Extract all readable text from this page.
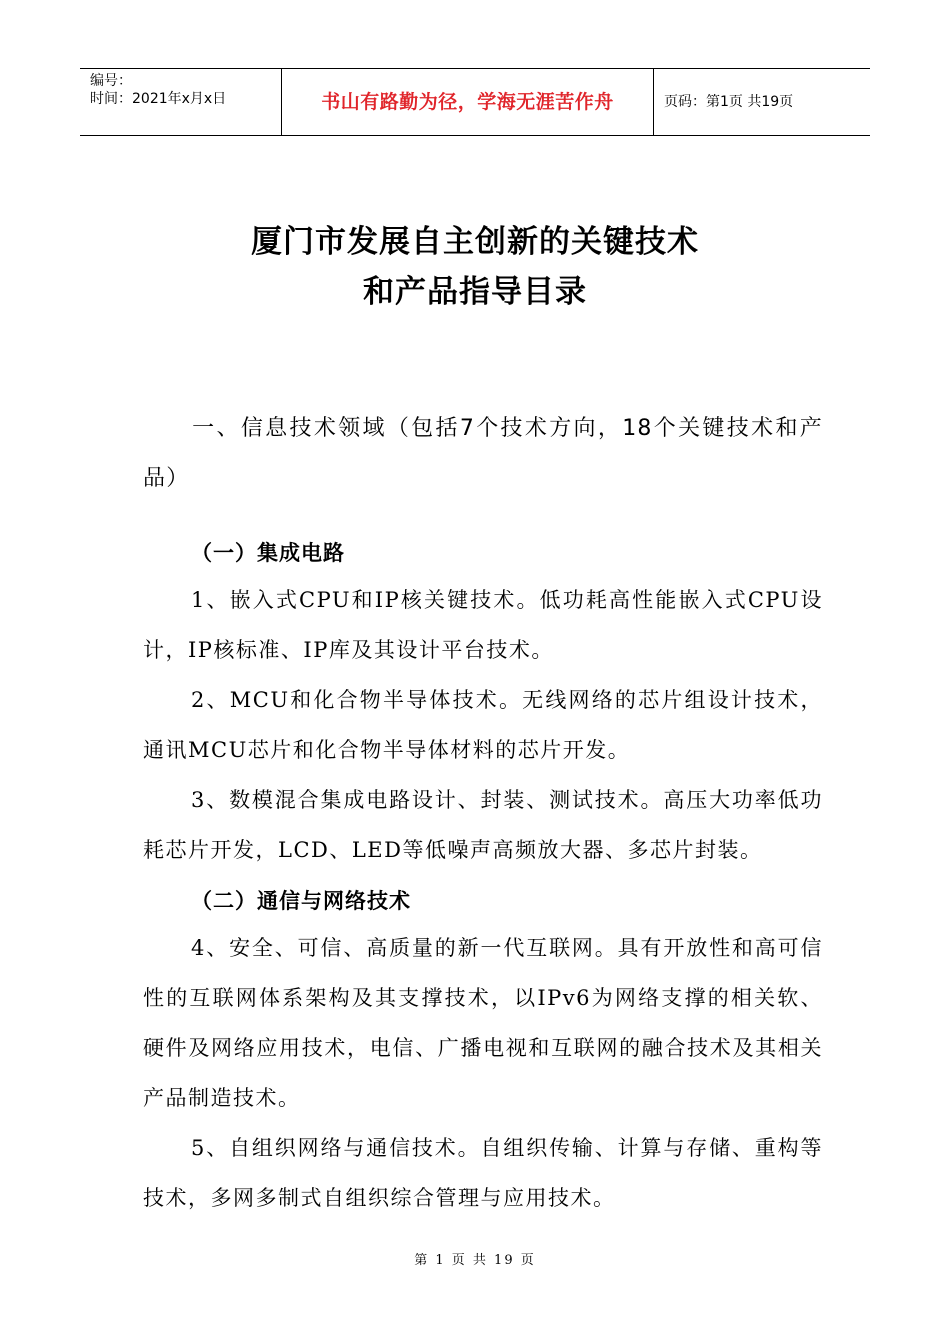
编号：
时间：2021年x月x日	书山有路勤为径，学海无涯苦作舟	页码：第1页 共19页
厦门市发展自主创新的关键技术
和产品指导目录
一、信息技术领域（包括7个技术方向，18个关键技术和产品）
（一）集成电路
1、嵌入式CPU和IP核关键技术。低功耗高性能嵌入式CPU设计，IP核标准、IP库及其设计平台技术。
2、MCU和化合物半导体技术。无线网络的芯片组设计技术，通讯MCU芯片和化合物半导体材料的芯片开发。
3、数模混合集成电路设计、封装、测试技术。高压大功率低功耗芯片开发，LCD、LED等低噪声高频放大器、多芯片封装。
（二）通信与网络技术
4、安全、可信、高质量的新一代互联网。具有开放性和高可信性的互联网体系架构及其支撑技术，以IPv6为网络支撑的相关软、硬件及网络应用技术，电信、广播电视和互联网的融合技术及其相关产品制造技术。
5、自组织网络与通信技术。自组织传输、计算与存储、重构等技术，多网多制式自组织综合管理与应用技术。
第 1 页 共 19 页
